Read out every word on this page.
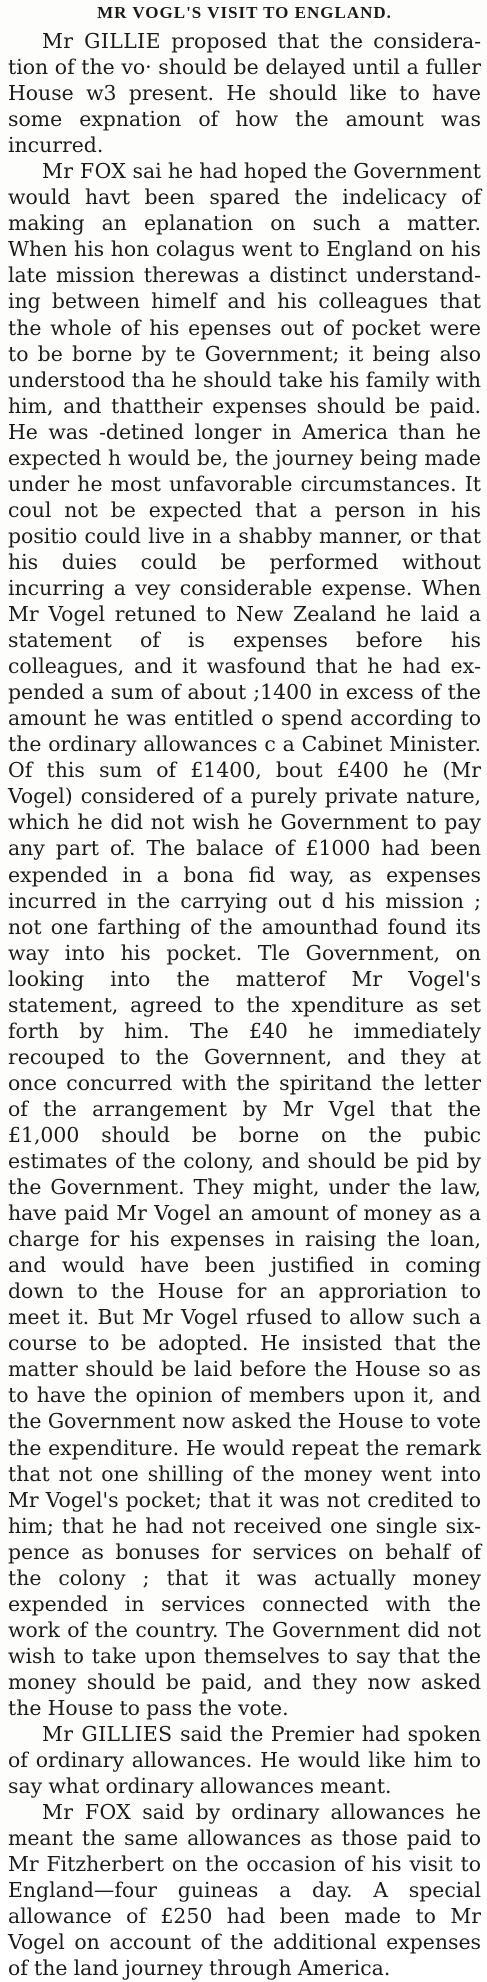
MR VOGL'S VISIT TO ENGLAND.

Mr GILLIE proposed that the consideration of the vo· should be delayed until a fuller House w3 present. He should like to have some expnation of how the amount was incurred.

Mr FOX sai he had hoped the Government would havt been spared the indelicacy of making an eplanation on such a matter. When his hon colagus went to England on his late mission therewas a distinct understanding between himelf and his colleagues that the whole of his epenses out of pocket were to be borne by te Government; it being also understood tha he should take his family with him, and thattheir expenses should be paid. He was -detined longer in America than he expected h would be, the journey being made under he most unfavorable circumstances. It coul not be expected that a person in his positio could live in a shabby manner, or that his duies could be performed without incurring a vey considerable expense. When Mr Vogel retuned to New Zealand he laid a statement of is expenses before his colleagues, and it wasfound that he had expended a sum of about ;1400 in excess of the amount he was entitled o spend according to the ordinary allowances c a Cabinet Minister. Of this sum of £1400, bout £400 he (Mr Vogel) considered of a purely private nature, which he did not wish he Government to pay any part of. The balace of £1000 had been expended in a bona fid way, as expenses incurred in the carrying out d his mission ; not one farthing of the amounthad found its way into his pocket. Tle Government, on looking into the matterof Mr Vogel's statement, agreed to the xpenditure as set forth by him. The £40 he immediately recouped to the Governnent, and they at once concurred with the spiritand the letter of the arrangement by Mr Vgel that the £1,000 should be borne on the pubic estimates of the colony, and should be pid by the Government. They might, under the law, have paid Mr Vogel an amount of money as a charge for his expenses in raising the loan, and would have been justified in coming down to the House for an approriation to meet it. But Mr Vogel rfused to allow such a course to be adopted. He insisted that the matter should be laid before the House so as to have the opinion of members upon it, and the Government now asked the House to vote the expenditure. He would repeat the remark that not one shilling of the money went into Mr Vogel's pocket; that it was not credited to him; that he had not received one single sixpence as bonuses for services on behalf of the colony ; that it was actually money expended in services connected with the work of the country. The Government did not wish to take upon themselves to say that the money should be paid, and they now asked the House to pass the vote.

Mr GILLIES said the Premier had spoken of ordinary allowances. He would like him to say what ordinary allowances meant.

Mr FOX said by ordinary allowances he meant the same allowances as those paid to Mr Fitzherbert on the occasion of his visit to England—four guineas a day. A special allowance of £250 had been made to Mr Vogel on account of the additional expenses of the land journey through America.
